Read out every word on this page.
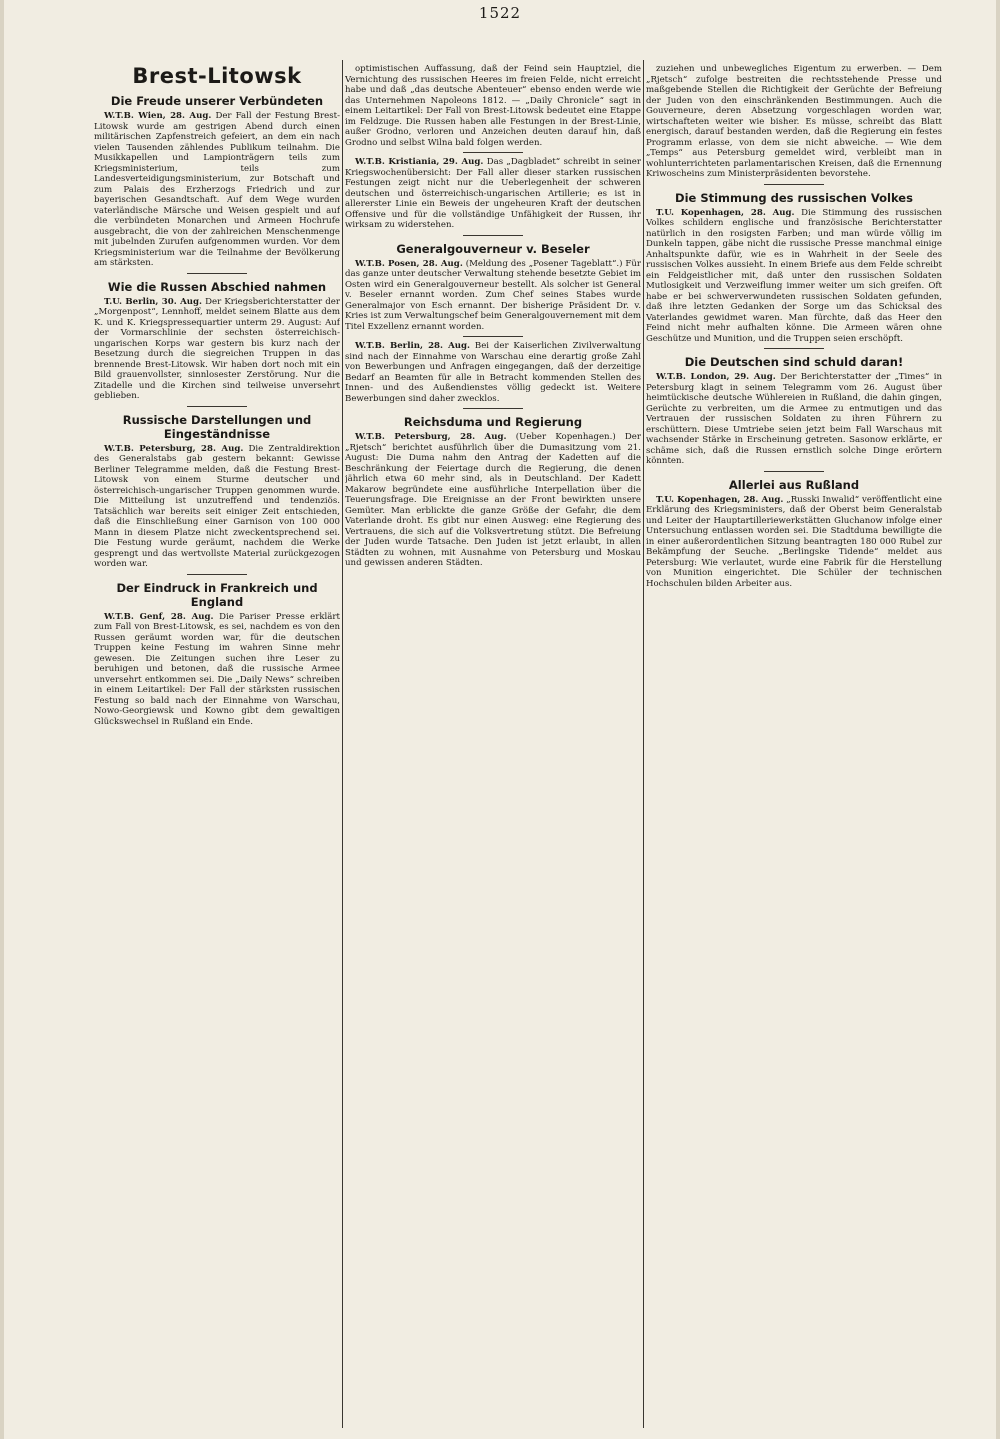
1522
Brest-Litowsk
Die Freude unserer Verbündeten

W.T.B. Wien, 28. Aug. Der Fall der Festung Brest-Litowsk wurde am gestrigen Abend durch einen militärischen Zapfenstreich gefeiert, an dem ein nach vielen Tausenden zählendes Publikum teilnahm. Die Musikkapellen und Lampionträgern teils zum Kriegsministerium, teils zum Landesverteidigungsministerium, zur Botschaft und zum Palais des Erzherzogs Friedrich und zur bayerischen Gesandtschaft. Auf dem Wege wurden vaterländische Märsche und Weisen gespielt und auf die verbündeten Monarchen und Armeen Hochrufe ausgebracht, die von der zahlreichen Menschenmenge mit jubelnden Zurufen aufgenommen wurden. Vor dem Kriegsministerium war die Teilnahme der Bevölkerung am stärksten.

Wie die Russen Abschied nahmen

T.U. Berlin, 30. Aug. Der Kriegsberichterstatter der „Morgenpost“, Lennhoff, meldet seinem Blatte aus dem K. und K. Kriegspressequartier unterm 29. August: Auf der Vormarschlinie der sechsten österreichisch-ungarischen Korps war gestern bis kurz nach der Besetzung durch die siegreichen Truppen in das brennende Brest-Litowsk. Wir haben dort noch mit ein Bild grauenvollster, sinnlosester Zerstörung. Nur die Zitadelle und die Kirchen sind teilweise unversehrt geblieben.

Russische Darstellungen und Eingeständnisse

W.T.B. Petersburg, 28. Aug. Die Zentraldirektion des Generalstabs gab gestern bekannt: Gewisse Berliner Telegramme melden, daß die Festung Brest-Litowsk von einem Sturme deutscher und österreichisch-ungarischer Truppen genommen wurde. Die Mitteilung ist unzutreffend und tendenziös. Tatsächlich war bereits seit einiger Zeit entschieden, daß die Einschließung einer Garnison von 100 000 Mann in diesem Platze nicht zweckentsprechend sei. Die Festung wurde geräumt, nachdem die Werke gesprengt und das wertvollste Material zurückgezogen worden war.

Der Eindruck in Frankreich und England

W.T.B. Genf, 28. Aug. Die Pariser Presse erklärt zum Fall von Brest-Litowsk, es sei, nachdem es von den Russen geräumt worden war, für die deutschen Truppen keine Festung im wahren Sinne mehr gewesen. Die Zeitungen suchen ihre Leser zu beruhigen und betonen, daß die russische Armee unversehrt entkommen sei. Die „Daily News“ schreiben in einem Leitartikel: Der Fall der stärksten russischen Festung so bald nach der Einnahme von Warschau, Nowo-Georgiewsk und Kowno gibt dem gewaltigen Glückswechsel in Rußland ein Ende.

optimistischen Auffassung, daß der Feind sein Hauptziel, die Vernichtung des russischen Heeres im freien Felde, nicht erreicht habe und daß „das deutsche Abenteuer“ ebenso enden werde wie das Unternehmen Napoleons 1812. — „Daily Chronicle“ sagt in einem Leitartikel: Der Fall von Brest-Litowsk bedeutet eine Etappe im Feldzuge. Die Russen haben alle Festungen in der Brest-Linie, außer Grodno, verloren und Anzeichen deuten darauf hin, daß Grodno und selbst Wilna bald folgen werden.

W.T.B. Kristiania, 29. Aug. Das „Dagbladet“ schreibt in seiner Kriegswochenübersicht: Der Fall aller dieser starken russischen Festungen zeigt nicht nur die Ueberlegenheit der schweren deutschen und österreichisch-ungarischen Artillerie; es ist in allererster Linie ein Beweis der ungeheuren Kraft der deutschen Offensive und für die vollständige Unfähigkeit der Russen, ihr wirksam zu widerstehen.

Generalgouverneur v. Beseler

W.T.B. Posen, 28. Aug. (Meldung des „Posener Tageblatt“.) Für das ganze unter deutscher Verwaltung stehende besetzte Gebiet im Osten wird ein Generalgouverneur bestellt. Als solcher ist General v. Beseler ernannt worden. Zum Chef seines Stabes wurde Generalmajor von Esch ernannt. Der bisherige Präsident Dr. v. Kries ist zum Verwaltungschef beim Generalgouvernement mit dem Titel Exzellenz ernannt worden.

W.T.B. Berlin, 28. Aug. Bei der Kaiserlichen Zivilverwaltung sind nach der Einnahme von Warschau eine derartig große Zahl von Bewerbungen und Anfragen eingegangen, daß der derzeitige Bedarf an Beamten für alle in Betracht kommenden Stellen des Innen- und des Außendienstes völlig gedeckt ist. Weitere Bewerbungen sind daher zwecklos.

Reichsduma und Regierung

W.T.B. Petersburg, 28. Aug. (Ueber Kopenhagen.) Der „Rjetsch“ berichtet ausführlich über die Dumasitzung vom 21. August: Die Duma nahm den Antrag der Kadetten auf die Beschränkung der Feiertage durch die Regierung, die denen jährlich etwa 60 mehr sind, als in Deutschland. Der Kadett Makarow begründete eine ausführliche Interpellation über die Teuerungsfrage. Die Ereignisse an der Front bewirkten unsere Gemüter. Man erblickte die ganze Größe der Gefahr, die dem Vaterlande droht. Es gibt nur einen Ausweg: eine Regierung des Vertrauens, die sich auf die Volksvertretung stützt. Die Befreiung der Juden wurde Tatsache. Den Juden ist jetzt erlaubt, in allen Städten zu wohnen, mit Ausnahme von Petersburg und Moskau und gewissen anderen Städten.

zuziehen und unbewegliches Eigentum zu erwerben. — Dem „Rjetsch“ zufolge bestreiten die rechtsstehende Presse und maßgebende Stellen die Richtigkeit der Gerüchte der Befreiung der Juden von den einschränkenden Bestimmungen. Auch die Gouverneure, deren Absetzung vorgeschlagen worden war, wirtschafteten weiter wie bisher. Es müsse, schreibt das Blatt energisch, darauf bestanden werden, daß die Regierung ein festes Programm erlasse, von dem sie nicht abweiche. — Wie dem „Temps“ aus Petersburg gemeldet wird, verbleibt man in wohlunterrichteten parlamentarischen Kreisen, daß die Ernennung Kriwoscheins zum Ministerpräsidenten bevorstehe.

Die Stimmung des russischen Volkes

T.U. Kopenhagen, 28. Aug. Die Stimmung des russischen Volkes schildern englische und französische Berichterstatter natürlich in den rosigsten Farben; und man würde völlig im Dunkeln tappen, gäbe nicht die russische Presse manchmal einige Anhaltspunkte dafür, wie es in Wahrheit in der Seele des russischen Volkes aussieht. In einem Briefe aus dem Felde schreibt ein Feldgeistlicher mit, daß unter den russischen Soldaten Mutlosigkeit und Verzweiflung immer weiter um sich greifen. Oft habe er bei schwerverwundeten russischen Soldaten gefunden, daß ihre letzten Gedanken der Sorge um das Schicksal des Vaterlandes gewidmet waren. Man fürchte, daß das Heer den Feind nicht mehr aufhalten könne. Die Armeen wären ohne Geschütze und Munition, und die Truppen seien erschöpft.

Die Deutschen sind schuld daran!

W.T.B. London, 29. Aug. Der Berichterstatter der „Times“ in Petersburg klagt in seinem Telegramm vom 26. August über heimtückische deutsche Wühlereien in Rußland, die dahin gingen, Gerüchte zu verbreiten, um die Armee zu entmutigen und das Vertrauen der russischen Soldaten zu ihren Führern zu erschüttern. Diese Umtriebe seien jetzt beim Fall Warschaus mit wachsender Stärke in Erscheinung getreten. Sasonow erklärte, er schäme sich, daß die Russen ernstlich solche Dinge erörtern könnten.

Allerlei aus Rußland

T.U. Kopenhagen, 28. Aug. „Russki Inwalid“ veröffentlicht eine Erklärung des Kriegsministers, daß der Oberst beim Generalstab und Leiter der Hauptartilleriewerkstätten Gluchanow infolge einer Untersuchung entlassen worden sei. Die Stadtduma bewilligte die in einer außerordentlichen Sitzung beantragten 180 000 Rubel zur Bekämpfung der Seuche. „Berlingske Tidende“ meldet aus Petersburg: Wie verlautet, wurde eine Fabrik für die Herstellung von Munition eingerichtet. Die Schüler der technischen Hochschulen bilden Arbeiter aus.
